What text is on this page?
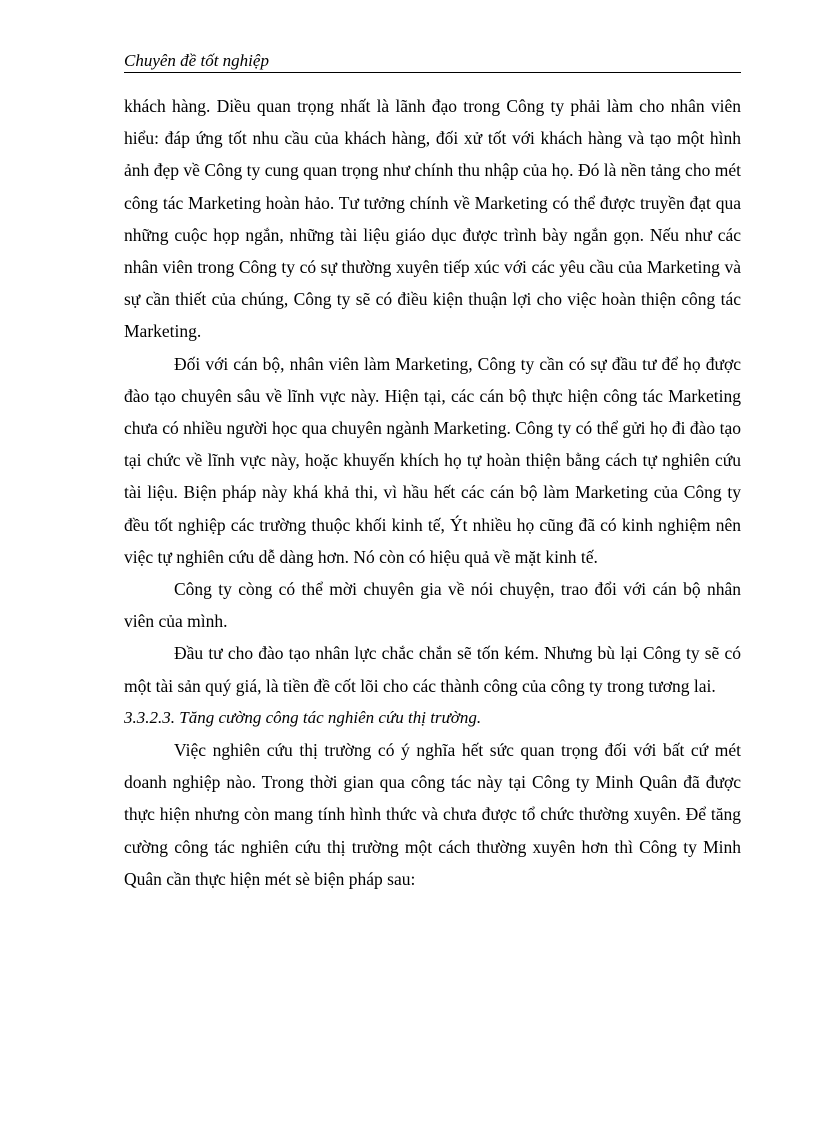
Chuyên đề tốt nghiệp

khách hàng. Diều quan trọng nhất là lãnh đạo trong Công ty phải làm cho nhân viên hiểu: đáp ứng tốt nhu cầu của khách hàng, đối xử tốt với khách hàng và tạo một hình ảnh đẹp về Công ty cung quan trọng như chính thu nhập của họ. Đó là nền tảng cho mét công tác Marketing hoàn hảo. Tư tưởng chính về Marketing có thể được truyền đạt qua những cuộc họp ngắn, những tài liệu giáo dục được trình bày ngắn gọn. Nếu như các nhân viên trong Công ty có sự thường xuyên tiếp xúc với các yêu cầu của Marketing và sự cần thiết của chúng, Công ty sẽ có điều kiện thuận lợi cho việc hoàn thiện công tác Marketing.

Đối với cán bộ, nhân viên làm Marketing, Công ty cần có sự đầu tư để họ được đào tạo chuyên sâu về lĩnh vực này. Hiện tại, các cán bộ thực hiện công tác Marketing chưa có nhiều người học qua chuyên ngành Marketing. Công ty có thể gửi họ đi đào tạo tại chức về lĩnh vực này, hoặc khuyến khích họ tự hoàn thiện bằng cách tự nghiên cứu tài liệu. Biện pháp này khá khả thi, vì hầu hết các cán bộ làm Marketing của Công ty đều tốt nghiệp các trường thuộc khối kinh tế, Ýt nhiều họ cũng đã có kinh nghiệm nên việc tự nghiên cứu dễ dàng hơn. Nó còn có hiệu quả về mặt kinh tế.

Công ty còng có thể mời chuyên gia về nói chuyện, trao đổi với cán bộ nhân viên của mình.

Đầu tư cho đào tạo nhân lực chắc chắn sẽ tốn kém. Nhưng bù lại Công ty sẽ có một tài sản quý giá, là tiền đề cốt lõi cho các thành công của công ty trong tương lai.

3.3.2.3. Tăng cường công tác nghiên cứu thị trường.

Việc nghiên cứu thị trường có ý nghĩa hết sức quan trọng đối với bất cứ mét doanh nghiệp nào. Trong thời gian qua công tác này tại Công ty Minh Quân đã được thực hiện nhưng còn mang tính hình thức và chưa được tổ chức thường xuyên. Để tăng cường công tác nghiên cứu thị trường một cách thường xuyên hơn thì Công ty Minh Quân cần thực hiện mét sè biện pháp sau:
